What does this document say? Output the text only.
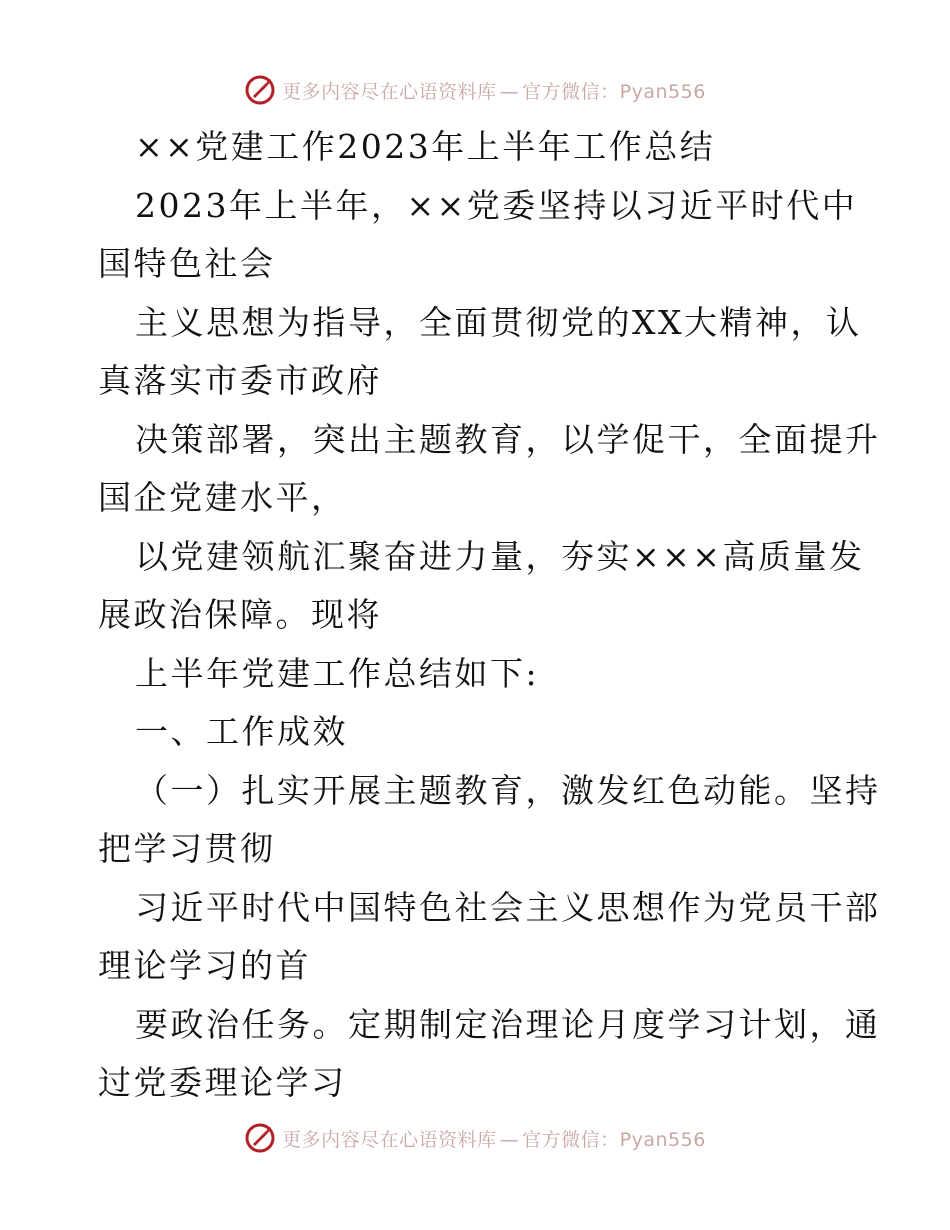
更多内容尽在心语资料库 — 官方微信：Pyan556
××党建工作2023年上半年工作总结
2023年上半年，××党委坚持以习近平时代中
国特色社会
主义思想为指导，全面贯彻党的XX大精神，认
真落实市委市政府
决策部署，突出主题教育，以学促干，全面提升
国企党建水平，
以党建领航汇聚奋进力量，夯实×××高质量发
展政治保障。现将
上半年党建工作总结如下:
一、工作成效
（一）扎实开展主题教育，激发红色动能。坚持
把学习贯彻
习近平时代中国特色社会主义思想作为党员干部
理论学习的首
要政治任务。定期制定治理论月度学习计划，通
过党委理论学习
更多内容尽在心语资料库 — 官方微信：Pyan556
